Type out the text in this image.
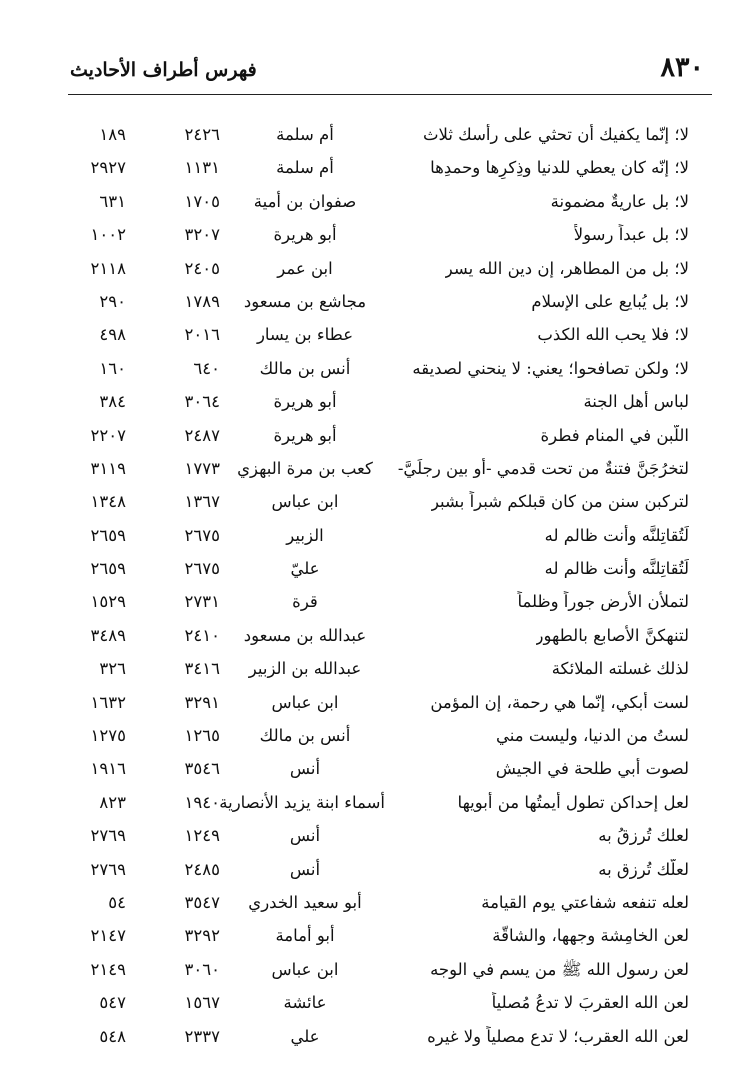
٨٣٠
فهرس أطراف الأحاديث
لا؛ إنّما يكفيك أن تحثي على رأسك ثلاث
أم سلمة
٢٤٢٦
١٨٩
لا؛ إنّه كان يعطي للدنيا وذِكرِها وحمدِها
أم سلمة
١١٣١
٢٩٢٧
لا؛ بل عاريةٌ مضمونة
صفوان بن أمية
١٧٠٥
٦٣١
لا؛ بل عبداً رسولاً
أبو هريرة
٣٢٠٧
١٠٠٢
لا؛ بل من المطاهر، إن دين الله يسر
ابن عمر
٢٤٠٥
٢١١٨
لا؛ بل يُبايع على الإسلام
مجاشع بن مسعود
١٧٨٩
٢٩٠
لا؛ فلا يحب الله الكذب
عطاء بن يسار
٢٠١٦
٤٩٨
لا؛ ولكن تصافحوا؛ يعني: لا ينحني لصديقه
أنس بن مالك
٦٤٠
١٦٠
لباس أهل الجنة
أبو هريرة
٣٠٦٤
٣٨٤
اللَّبن في المنام فطرة
أبو هريرة
٢٤٨٧
٢٢٠٧
لتخرُجَنَّ فتنةٌ من تحت قدمي -أو بين رجلَيَّ-
كعب بن مرة البهزي
١٧٧٣
٣١١٩
لتركبن سنن من كان قبلكم شبراً بشبر
ابن عباس
١٣٦٧
١٣٤٨
لَتُقاتِلنَّه وأنت ظالم له
الزبير
٢٦٧٥
٢٦٥٩
لَتُقاتِلنَّه وأنت ظالم له
عليّ
٢٦٧٥
٢٦٥٩
لتملأن الأرض جوراً وظلماً
قرة
٢٧٣١
١٥٢٩
لتنهكنَّ الأصابع بالطهور
عبدالله بن مسعود
٢٤١٠
٣٤٨٩
لذلك غسلته الملائكة
عبدالله بن الزبير
٣٤١٦
٣٢٦
لست أبكي، إنّما هي رحمة، إن المؤمن
ابن عباس
٣٢٩١
١٦٣٢
لستُ من الدنيا، وليست مني
أنس بن مالك
١٢٦٥
١٢٧٥
لصوت أبي طلحة في الجيش
أنس
٣٥٤٦
١٩١٦
لعل إحداكن تطول أيمتُها من أبويها
أسماء ابنة يزيد الأنصارية
١٩٤٠
٨٢٣
لعلك تُرزقُ به
أنس
١٢٤٩
٢٧٦٩
لعلّك تُرزق به
أنس
٢٤٨٥
٢٧٦٩
لعله تنفعه شفاعتي يوم القيامة
أبو سعيد الخدري
٣٥٤٧
٥٤
لعن الخامِشة وجهها، والشاقّة
أبو أمامة
٣٢٩٢
٢١٤٧
لعن رسول الله ﷺ من يسم في الوجه
ابن عباس
٣٠٦٠
٢١٤٩
لعن الله العقربَ لا تدعُ مُصلياً
عائشة
١٥٦٧
٥٤٧
لعن الله العقرب؛ لا تدع مصلياً ولا غيره
علي
٢٣٣٧
٥٤٨
